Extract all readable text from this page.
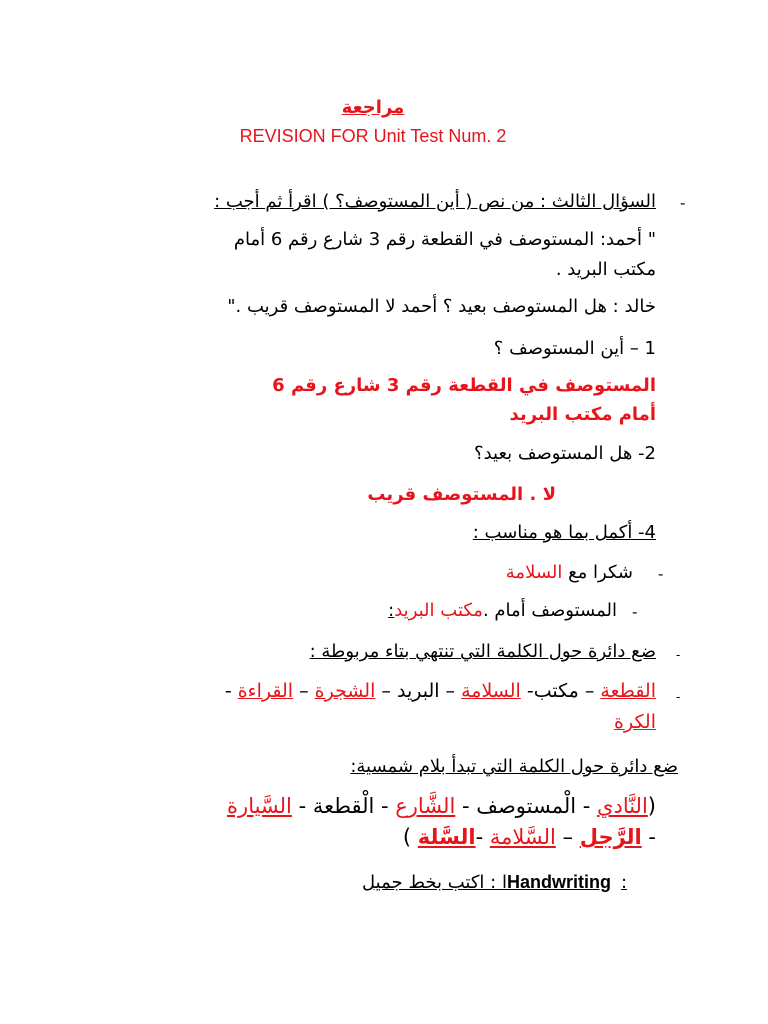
مراجعة
REVISION FOR Unit Test Num. 2
-
السؤال الثالث : من نص ( أين المستوصف؟ ) اقرأ ثم أجب :
" أحمد: المستوصف في القطعة رقم 3 شارع رقم 6 أمام
مكتب البريد .
خالد : هل المستوصف بعيد ؟ أحمد لا المستوصف قريب ."
1 – أين المستوصف ؟
المستوصف في القطعة رقم 3 شارع رقم 6
أمام مكتب البريد
2- هل المستوصف بعيد؟
لا . المستوصف قريب
4- أكمل بما هو مناسب :
-
شكرا مع السلامة
-
المستوصف أمام .مكتب البريد:
-
ضع دائرة حول الكلمة التي تنتهي بتاء مربوطة :
-
القطعة – مكتب- السلامة – البريد – الشجرة – القراءة -
الكرة
ضع دائرة حول الكلمة التي تبدأ بلام شمسية:
(النَّادي - الْمستوصف - الشَّارع - الْقطعة - السَّيارة
- الرَّجل – السَّلامة -السَّلة )
ا : اكتب بخط جميلHandwriting :
